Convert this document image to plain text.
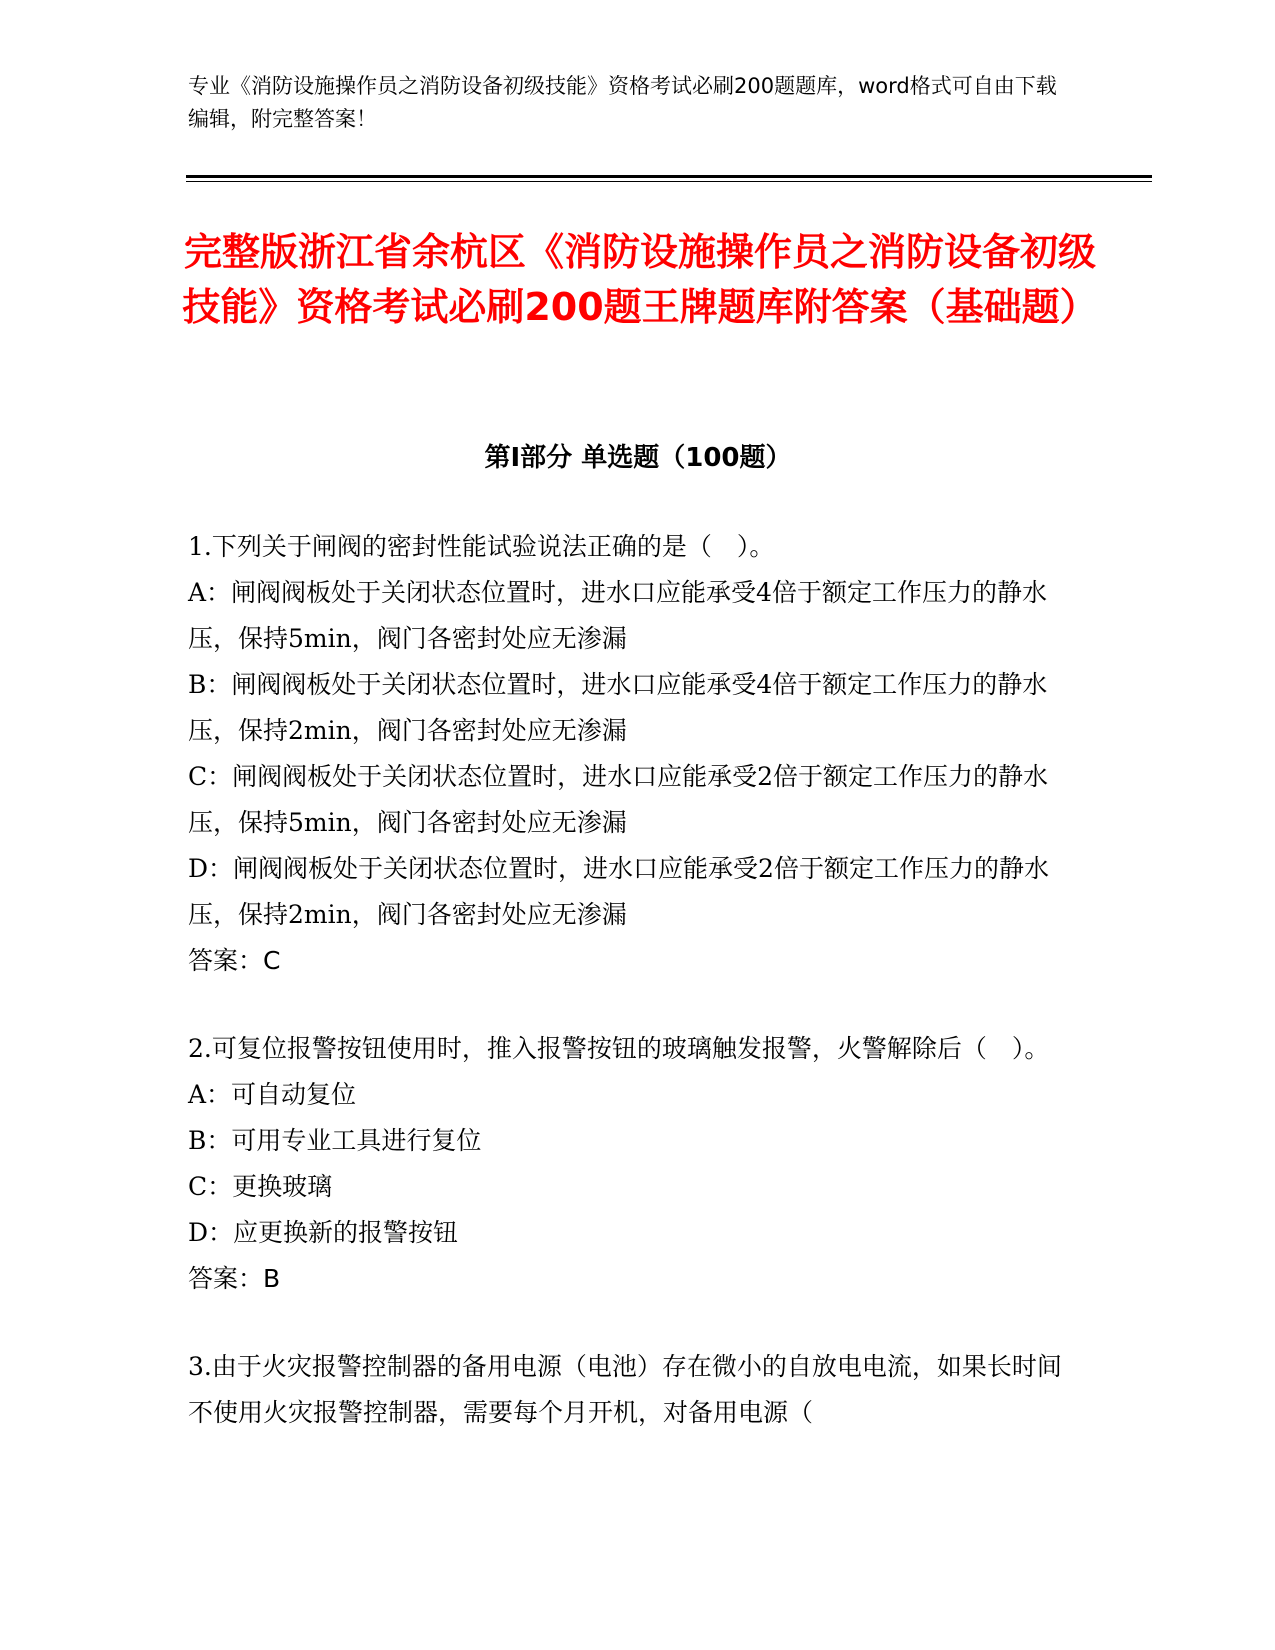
专业《消防设施操作员之消防设备初级技能》资格考试必刷200题题库，word格式可自由下载编辑，附完整答案！

完整版浙江省余杭区《消防设施操作员之消防设备初级技能》资格考试必刷200题王牌题库附答案（基础题）
第Ⅰ部分 单选题（100题）

1.下列关于闸阀的密封性能试验说法正确的是（　）。

A：闸阀阀板处于关闭状态位置时，进水口应能承受4倍于额定工作压力的静水压，保持5min，阀门各密封处应无渗漏

B：闸阀阀板处于关闭状态位置时，进水口应能承受4倍于额定工作压力的静水压，保持2min，阀门各密封处应无渗漏

C：闸阀阀板处于关闭状态位置时，进水口应能承受2倍于额定工作压力的静水压，保持5min，阀门各密封处应无渗漏

D：闸阀阀板处于关闭状态位置时，进水口应能承受2倍于额定工作压力的静水压，保持2min，阀门各密封处应无渗漏

答案：C

2.可复位报警按钮使用时，推入报警按钮的玻璃触发报警，火警解除后（　）。

A：可自动复位

B：可用专业工具进行复位

C：更换玻璃

D：应更换新的报警按钮

答案：B

3.由于火灾报警控制器的备用电源（电池）存在微小的自放电电流，如果长时间不使用火灾报警控制器，需要每个月开机，对备用电源（
